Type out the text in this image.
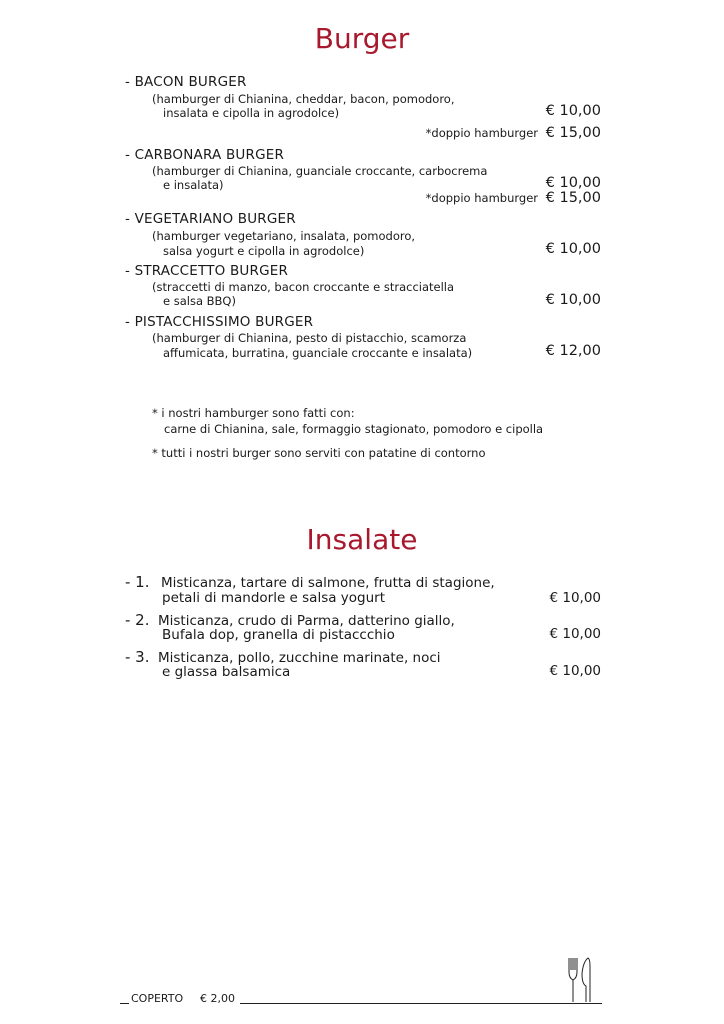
Burger
- BACON BURGER
(hamburger di Chianina, cheddar, bacon, pomodoro,
insalata e cipolla in agrodolce)	€ 10,00
*doppio hamburger € 15,00
- CARBONARA BURGER
(hamburger di Chianina, guanciale croccante, carbocrema
e insalata)	€ 10,00
*doppio hamburger € 15,00
- VEGETARIANO BURGER
(hamburger vegetariano, insalata, pomodoro,
salsa yogurt e cipolla in agrodolce)	€ 10,00
- STRACCETTO BURGER
(straccetti di manzo, bacon croccante e stracciatella
e salsa BBQ)	€ 10,00
- PISTACCHISSIMO BURGER
(hamburger di Chianina, pesto di pistacchio, scamorza
affumicata, burratina, guanciale croccante e insalata)	€ 12,00
* i nostri hamburger sono fatti con:
carne di Chianina, sale, formaggio stagionato, pomodoro e cipolla
* tutti i nostri burger sono serviti con patatine di contorno
Insalate
- 1. Misticanza, tartare di salmone, frutta di stagione,
petali di mandorle e salsa yogurt	€ 10,00
- 2. Misticanza, crudo di Parma, datterino giallo,
Bufala dop, granella di pistaccchio	€ 10,00
- 3. Misticanza, pollo, zucchine marinate, noci
e glassa balsamica	€ 10,00
COPERTO € 2,00
